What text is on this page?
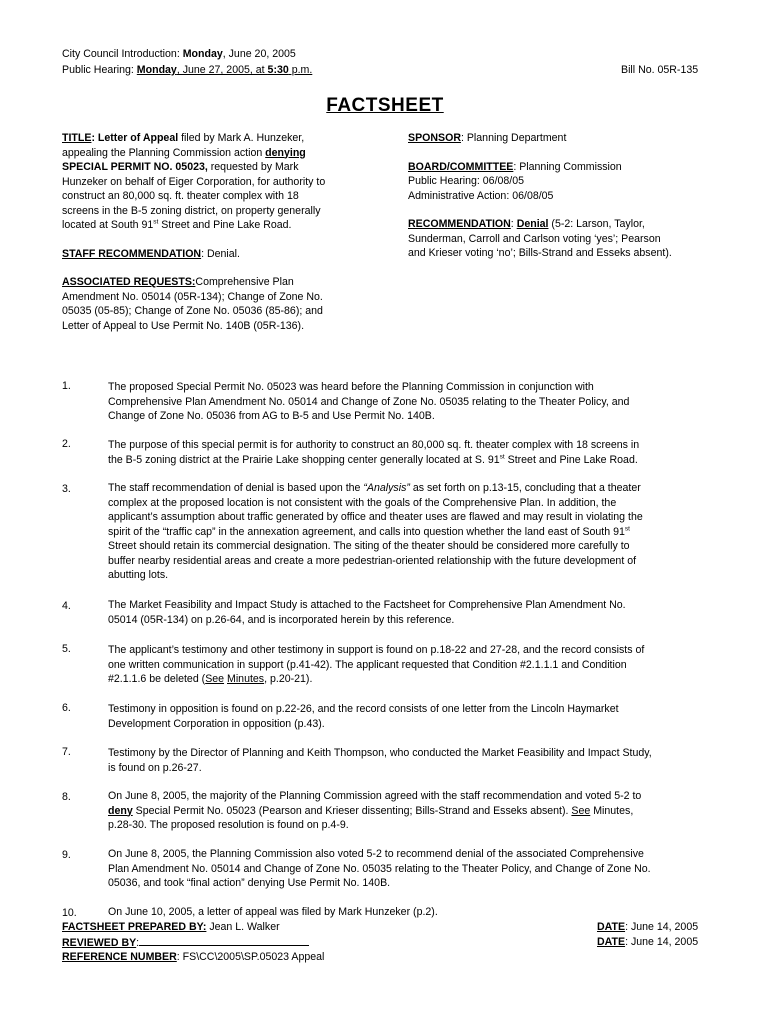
City Council Introduction: Monday, June 20, 2005
Public Hearing: Monday, June 27, 2005, at 5:30 p.m.	Bill No. 05R-135
FACTSHEET
TITLE: Letter of Appeal filed by Mark A. Hunzeker,
appealing the Planning Commission action denying
SPECIAL PERMIT NO. 05023, requested by Mark
Hunzeker on behalf of Eiger Corporation, for authority to
construct an 80,000 sq. ft. theater complex with 18
screens in the B-5 zoning district, on property generally
located at South 91st Street and Pine Lake Road.
STAFF RECOMMENDATION: Denial.
ASSOCIATED REQUESTS:Comprehensive Plan
Amendment No. 05014 (05R-134); Change of Zone No.
05035 (05-85); Change of Zone No. 05036 (85-86); and
Letter of Appeal to Use Permit No. 140B (05R-136).
SPONSOR: Planning Department
BOARD/COMMITTEE: Planning Commission
Public Hearing: 06/08/05
Administrative Action: 06/08/05
RECOMMENDATION: Denial (5-2: Larson, Taylor,
Sunderman, Carroll and Carlson voting ‘yes’; Pearson
and Krieser voting ‘no’; Bills-Strand and Esseks absent).
1.	The proposed Special Permit No. 05023 was heard before the Planning Commission in conjunction with
Comprehensive Plan Amendment No. 05014 and Change of Zone No. 05035 relating to the Theater Policy, and
Change of Zone No. 05036 from AG to B-5 and Use Permit No. 140B.
2.	The purpose of this special permit is for authority to construct an 80,000 sq. ft. theater complex with 18 screens in
the B-5 zoning district at the Prairie Lake shopping center generally located at S. 91st Street and Pine Lake Road.
3.	The staff recommendation of denial is based upon the “Analysis” as set forth on p.13-15, concluding that a theater
complex at the proposed location is not consistent with the goals of the Comprehensive Plan. In addition, the
applicant’s assumption about traffic generated by office and theater uses are flawed and may result in violating the
spirit of the “traffic cap” in the annexation agreement, and calls into question whether the land east of South 91st
Street should retain its commercial designation. The siting of the theater should be considered more carefully to
buffer nearby residential areas and create a more pedestrian-oriented relationship with the future development of
abutting lots.
4.	The Market Feasibility and Impact Study is attached to the Factsheet for Comprehensive Plan Amendment No.
05014 (05R-134) on p.26-64, and is incorporated herein by this reference.
5.	The applicant’s testimony and other testimony in support is found on p.18-22 and 27-28, and the record consists of
one written communication in support (p.41-42). The applicant requested that Condition #2.1.1.1 and Condition
#2.1.1.6 be deleted (See Minutes, p.20-21).
6.	Testimony in opposition is found on p.22-26, and the record consists of one letter from the Lincoln Haymarket
Development Corporation in opposition (p.43).
7.	Testimony by the Director of Planning and Keith Thompson, who conducted the Market Feasibility and Impact Study,
is found on p.26-27.
8.	On June 8, 2005, the majority of the Planning Commission agreed with the staff recommendation and voted 5-2 to
deny Special Permit No. 05023 (Pearson and Krieser dissenting; Bills-Strand and Esseks absent). See Minutes,
p.28-30. The proposed resolution is found on p.4-9.
9.	On June 8, 2005, the Planning Commission also voted 5-2 to recommend denial of the associated Comprehensive
Plan Amendment No. 05014 and Change of Zone No. 05035 relating to the Theater Policy, and Change of Zone No.
05036, and took “final action” denying Use Permit No. 140B.
10.	On June 10, 2005, a letter of appeal was filed by Mark Hunzeker (p.2).
FACTSHEET PREPARED BY: Jean L. Walker
REVIEWED BY:
REFERENCE NUMBER: FS\CC\2005\SP.05023 Appeal
DATE: June 14, 2005
DATE: June 14, 2005
